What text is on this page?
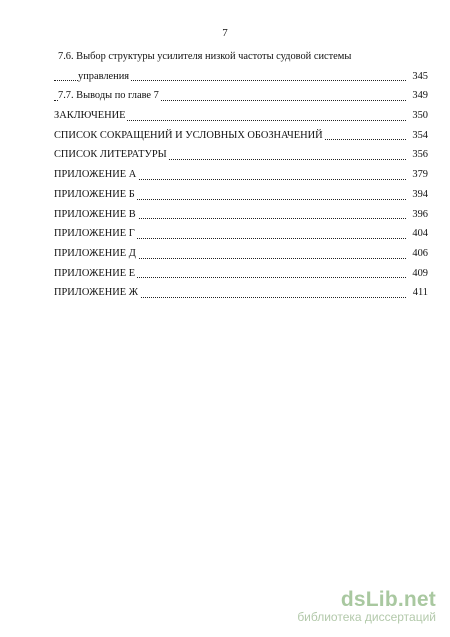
7
7.6. Выбор структуры усилителя низкой частоты судовой системы
управления	345
7.7. Выводы по главе 7	349
ЗАКЛЮЧЕНИЕ	350
СПИСОК СОКРАЩЕНИЙ И УСЛОВНЫХ ОБОЗНАЧЕНИЙ	354
СПИСОК ЛИТЕРАТУРЫ	356
ПРИЛОЖЕНИЕ А	379
ПРИЛОЖЕНИЕ Б	394
ПРИЛОЖЕНИЕ В	396
ПРИЛОЖЕНИЕ Г	404
ПРИЛОЖЕНИЕ Д	406
ПРИЛОЖЕНИЕ Е	409
ПРИЛОЖЕНИЕ Ж	411
dsLib.net
библиотека диссертаций
